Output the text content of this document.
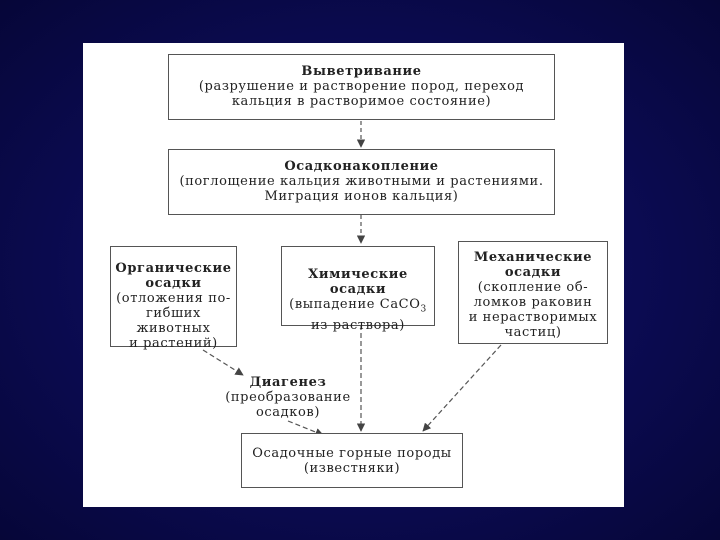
Выветривание
(разрушение и растворение пород, переход
кальция в растворимое состояние)
Осадконакопление
(поглощение кальция животными и растениями.
Миграция ионов кальция)
Органические
осадки
(отложения по-
гибших животных
и растений)
Химические
осадки
(выпадение CaCO$_3$
из раствора)
Механические
осадки
(скопление об-
ломков раковин
и нерастворимых
частиц)
Диагенез
(преобразование
осадков)
Осадочные горные породы
(известняки)
